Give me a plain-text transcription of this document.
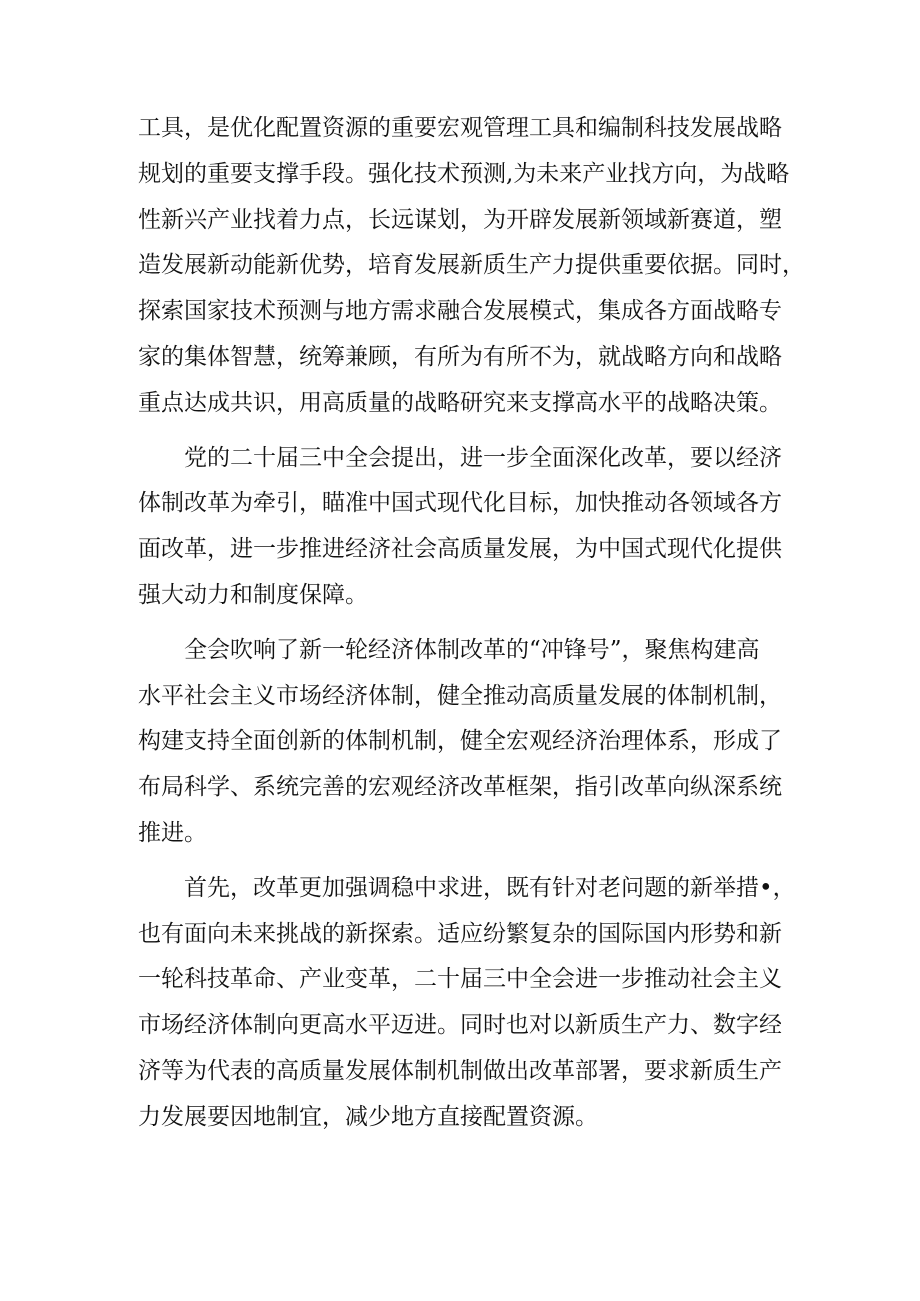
工具，是优化配置资源的重要宏观管理工具和编制科技发展战略
规划的重要支撑手段。强化技术预测,为未来产业找方向，为战略
性新兴产业找着力点，长远谋划，为开辟发展新领域新赛道，塑
造发展新动能新优势，培育发展新质生产力提供重要依据。同时，
探索国家技术预测与地方需求融合发展模式，集成各方面战略专
家的集体智慧，统筹兼顾，有所为有所不为，就战略方向和战略
重点达成共识，用高质量的战略研究来支撑高水平的战略决策。
党的二十届三中全会提出，进一步全面深化改革，要以经济
体制改革为牵引，瞄准中国式现代化目标，加快推动各领域各方
面改革，进一步推进经济社会高质量发展，为中国式现代化提供
强大动力和制度保障。
全会吹响了新一轮经济体制改革的“冲锋号”，聚焦构建高
水平社会主义市场经济体制，健全推动高质量发展的体制机制，
构建支持全面创新的体制机制，健全宏观经济治理体系，形成了
布局科学、系统完善的宏观经济改革框架，指引改革向纵深系统
推进。
首先，改革更加强调稳中求进，既有针对老问题的新举措•，
也有面向未来挑战的新探索。适应纷繁复杂的国际国内形势和新
一轮科技革命、产业变革，二十届三中全会进一步推动社会主义
市场经济体制向更高水平迈进。同时也对以新质生产力、数字经
济等为代表的高质量发展体制机制做出改革部署，要求新质生产
力发展要因地制宜，减少地方直接配置资源。
